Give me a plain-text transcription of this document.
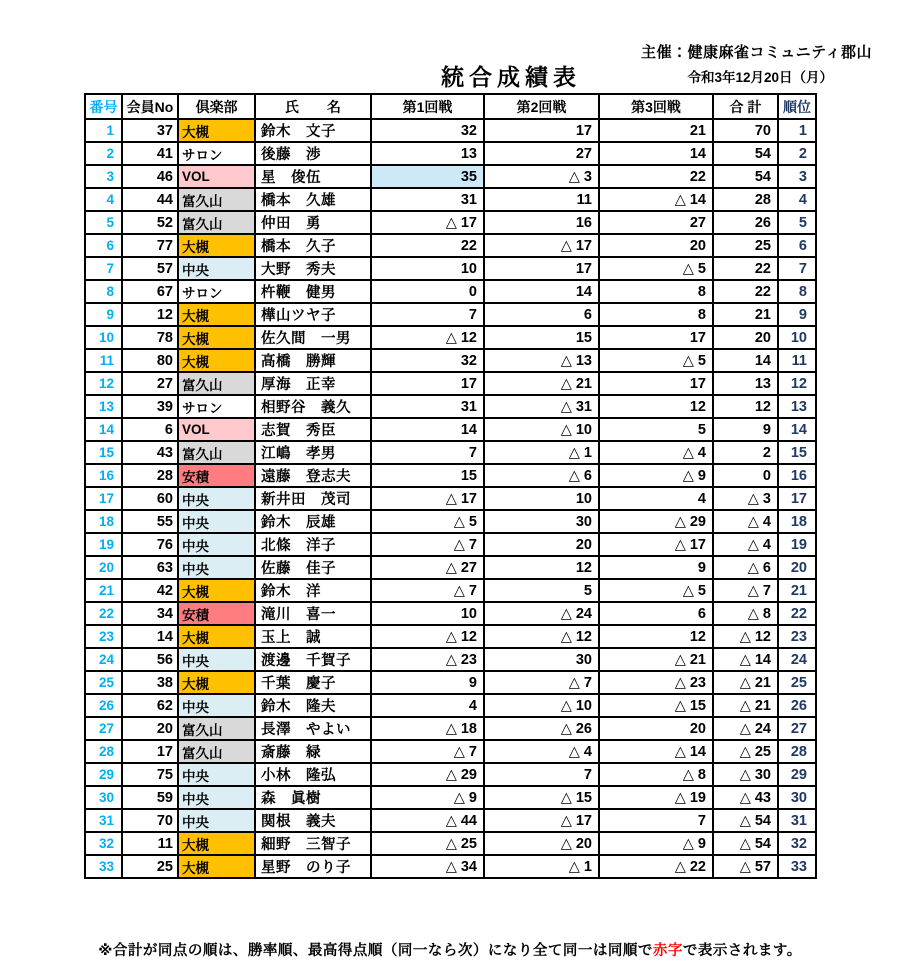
主催：健康麻雀コミュニティ郡山
統合成績表	令和3年12月20日（月）
番号	会員No	倶楽部	氏　　名	第1回戦	第2回戦	第3回戦	合 計	順位
1	37	大槻	鈴木　文子	32	17	21	70	1
2	41	サロン	後藤　渉	13	27	14	54	2
3	46	VOL	星　俊伍	35	△ 3	22	54	3
4	44	富久山	橋本　久雄	31	11	△ 14	28	4
5	52	富久山	仲田　勇	△ 17	16	27	26	5
6	77	大槻	橋本　久子	22	△ 17	20	25	6
7	57	中央	大野　秀夫	10	17	△ 5	22	7
8	67	サロン	杵鞭　健男	0	14	8	22	8
9	12	大槻	樺山ツヤ子	7	6	8	21	9
10	78	大槻	佐久間　一男	△ 12	15	17	20	10
11	80	大槻	高橋　勝輝	32	△ 13	△ 5	14	11
12	27	富久山	厚海　正幸	17	△ 21	17	13	12
13	39	サロン	相野谷　義久	31	△ 31	12	12	13
14	6	VOL	志賀　秀臣	14	△ 10	5	9	14
15	43	富久山	江嶋　孝男	7	△ 1	△ 4	2	15
16	28	安積	遠藤　登志夫	15	△ 6	△ 9	0	16
17	60	中央	新井田　茂司	△ 17	10	4	△ 3	17
18	55	中央	鈴木　辰雄	△ 5	30	△ 29	△ 4	18
19	76	中央	北條　洋子	△ 7	20	△ 17	△ 4	19
20	63	中央	佐藤　佳子	△ 27	12	9	△ 6	20
21	42	大槻	鈴木　洋	△ 7	5	△ 5	△ 7	21
22	34	安積	滝川　喜一	10	△ 24	6	△ 8	22
23	14	大槻	玉上　誠	△ 12	△ 12	12	△ 12	23
24	56	中央	渡邊　千賀子	△ 23	30	△ 21	△ 14	24
25	38	大槻	千葉　慶子	9	△ 7	△ 23	△ 21	25
26	62	中央	鈴木　隆夫	4	△ 10	△ 15	△ 21	26
27	20	富久山	長澤　やよい	△ 18	△ 26	20	△ 24	27
28	17	富久山	斎藤　緑	△ 7	△ 4	△ 14	△ 25	28
29	75	中央	小林　隆弘	△ 29	7	△ 8	△ 30	29
30	59	中央	森　眞樹	△ 9	△ 15	△ 19	△ 43	30
31	70	中央	関根　義夫	△ 44	△ 17	7	△ 54	31
32	11	大槻	細野　三智子	△ 25	△ 20	△ 9	△ 54	32
33	25	大槻	星野　のり子	△ 34	△ 1	△ 22	△ 57	33
※合計が同点の順は、勝率順、最高得点順（同一なら次）になり全て同一は同順で赤字で表示されます。
